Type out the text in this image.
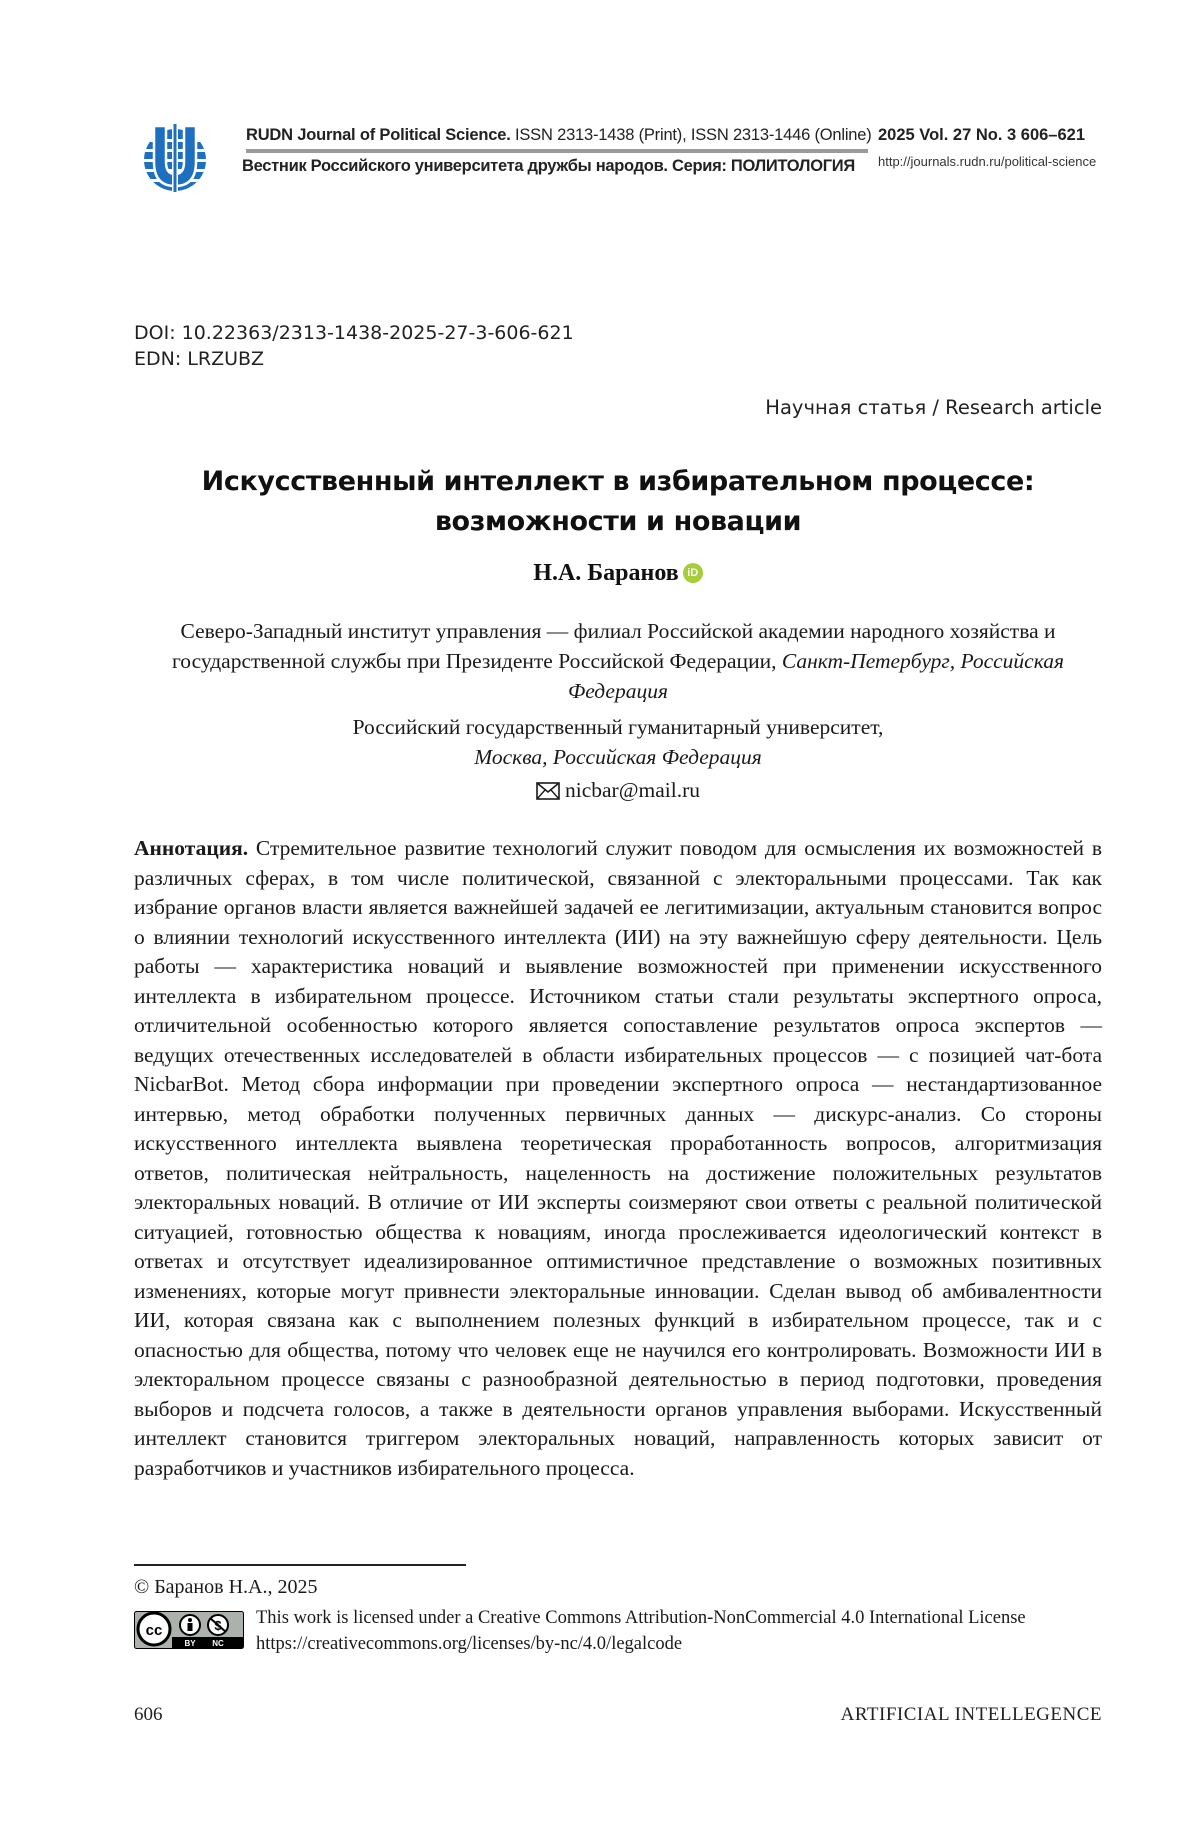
RUDN Journal of Political Science. ISSN 2313-1438 (Print), ISSN 2313-1446 (Online)
Вестник Российского университета дружбы народов. Серия: ПОЛИТОЛОГИЯ
2025 Vol. 27 No. 3 606–621
http://journals.rudn.ru/political-science
DOI: 10.22363/2313-1438-2025-27-3-606-621
EDN: LRZUBZ
Научная статья / Research article
Искусственный интеллект в избирательном процессе:
возможности и новации
Н.А. Баранов iD
Северо-Западный институт управления — филиал Российской академии народного хозяйства и государственной службы при Президенте Российской Федерации, Санкт-Петербург, Российская Федерация
Российский государственный гуманитарный университет,
Москва, Российская Федерация
nicbar@mail.ru
Аннотация. Стремительное развитие технологий служит поводом для осмысления их возможностей в различных сферах, в том числе политической, связанной с электоральными процессами. Так как избрание органов власти является важнейшей задачей ее легитимизации, актуальным становится вопрос о влиянии технологий искусственного интеллекта (ИИ) на эту важнейшую сферу деятельности. Цель работы — характеристика новаций и выявление возможностей при применении искусственного интеллекта в избирательном процессе. Источником статьи стали результаты экспертного опроса, отличительной особенностью которого является сопоставление результатов опроса экспертов — ведущих отечественных исследователей в области избирательных процессов — с позицией чат-бота NicbarBot. Метод сбора информации при проведении экспертного опроса — нестандартизованное интервью, метод обработки полученных первичных данных — дискурс-анализ. Со стороны искусственного интеллекта выявлена теоретическая проработанность вопросов, алгоритмизация ответов, политическая нейтральность, нацеленность на достижение положительных результатов электоральных новаций. В отличие от ИИ эксперты соизмеряют свои ответы с реальной политической ситуацией, готовностью общества к новациям, иногда прослеживается идеологический контекст в ответах и отсутствует идеализированное оптимистичное представление о возможных позитивных изменениях, которые могут привнести электоральные инновации. Сделан вывод об амбивалентности ИИ, которая связана как с выполнением полезных функций в избирательном процессе, так и с опасностью для общества, потому что человек еще не научился его контролировать. Возможности ИИ в электоральном процессе связаны с разнообразной деятельностью в период подготовки, проведения выборов и подсчета голосов, а также в деятельности органов управления выборами. Искусственный интеллект становится триггером электоральных новаций, направленность которых зависит от разработчиков и участников избирательного процесса.
© Баранов Н.А., 2025
cc
BY NC
This work is licensed under a Creative Commons Attribution-NonCommercial 4.0 International License
https://creativecommons.org/licenses/by-nc/4.0/legalcode
606	ARTIFICIAL INTELLEGENCE
